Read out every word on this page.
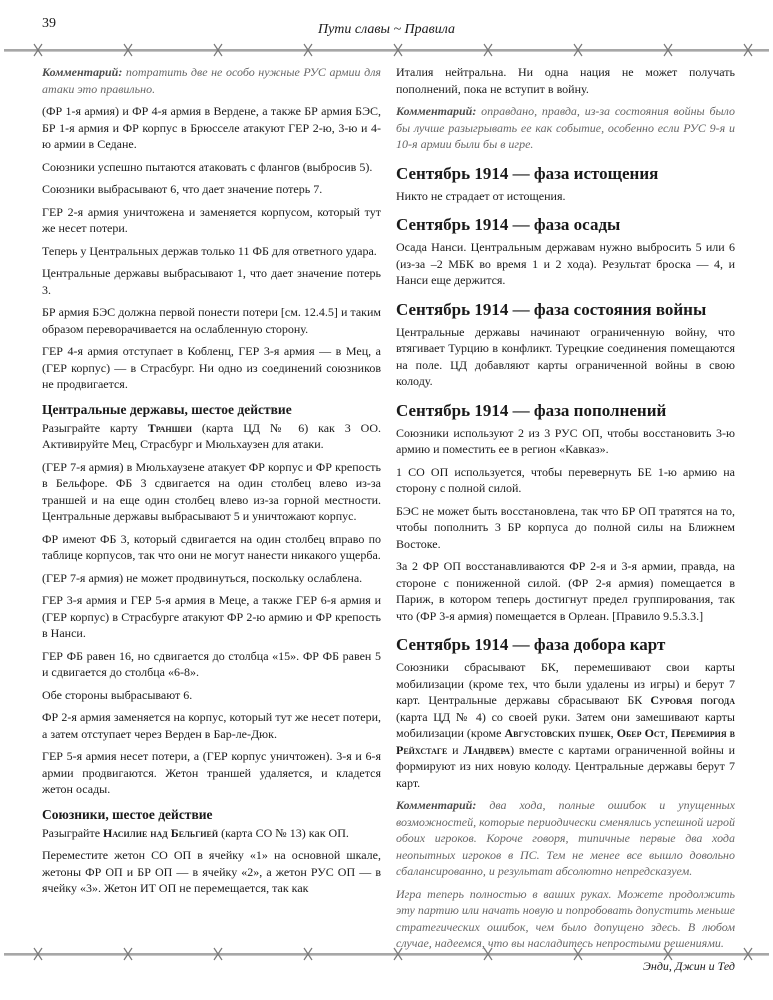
39	Пути славы ~ Правила

Комментарий: потратить две не особо нужные РУС армии для атаки это правильно.

(ФР 1-я армия) и ФР 4-я армия в Вердене, а также БР армия БЭС, БР 1-я армия и ФР корпус в Брюсселе атакуют ГЕР 2-ю, 3-ю и 4-ю армии в Седане.

Союзники успешно пытаются атаковать с флангов (выбросив 5).

Союзники выбрасывают 6, что дает значение потерь 7.

ГЕР 2-я армия уничтожена и заменяется корпусом, который тут же несет потери.

Теперь у Центральных держав только 11 ФБ для ответного удара.

Центральные державы выбрасывают 1, что дает значение потерь 3.

БР армия БЭС должна первой понести потери [см. 12.4.5] и таким образом переворачивается на ослабленную сторону.

ГЕР 4-я армия отступает в Кобленц, ГЕР 3-я армия — в Мец, а (ГЕР корпус) — в Страсбург. Ни одно из соединений союзников не продвигается.

Центральные державы, шестое действие

Разыграйте карту Траншеи (карта ЦД № 6) как 3 ОО. Активируйте Мец, Страсбург и Мюльхаузен для атаки.

(ГЕР 7-я армия) в Мюльхаузене атакует ФР корпус и ФР крепость в Бельфоре. ФБ 3 сдвигается на один столбец влево из-за траншей и на еще один столбец влево из-за горной местности. Центральные державы выбрасывают 5 и уничтожают корпус.

ФР имеют ФБ 3, который сдвигается на один столбец вправо по таблице корпусов, так что они не могут нанести никакого ущерба.

(ГЕР 7-я армия) не может продвинуться, поскольку ослаблена.

ГЕР 3-я армия и ГЕР 5-я армия в Меце, а также ГЕР 6-я армия и (ГЕР корпус) в Страсбурге атакуют ФР 2-ю армию и ФР крепость в Нанси.

ГЕР ФБ равен 16, но сдвигается до столбца «15». ФР ФБ равен 5 и сдвигается до столбца «6-8».

Обе стороны выбрасывают 6.

ФР 2-я армия заменяется на корпус, который тут же несет потери, а затем отступает через Верден в Бар-ле-Дюк.

ГЕР 5-я армия несет потери, а (ГЕР корпус уничтожен). 3-я и 6-я армии продвигаются. Жетон траншей удаляется, и кладется жетон осады.

Союзники, шестое действие

Разыграйте Насилие над Бельгией (карта СО № 13) как ОП.

Переместите жетон СО ОП в ячейку «1» на основной шкале, жетоны ФР ОП и БР ОП — в ячейку «2», а жетон РУС ОП — в ячейку «3». Жетон ИТ ОП не перемещается, так как

Италия нейтральна. Ни одна нация не может получать пополнений, пока не вступит в войну.

Комментарий: оправдано, правда, из-за состояния войны было бы лучше разыгрывать ее как событие, особенно если РУС 9-я и 10-я армии были бы в игре.

Сентябрь 1914 — фаза истощения

Никто не страдает от истощения.

Сентябрь 1914 — фаза осады

Осада Нанси. Центральным державам нужно выбросить 5 или 6 (из-за –2 МБК во время 1 и 2 хода). Результат броска — 4, и Нанси еще держится.

Сентябрь 1914 — фаза состояния войны

Центральные державы начинают ограниченную войну, что втягивает Турцию в конфликт. Турецкие соединения помещаются на поле. ЦД добавляют карты ограниченной войны в свою колоду.

Сентябрь 1914 — фаза пополнений

Союзники используют 2 из 3 РУС ОП, чтобы восстановить 3-ю армию и поместить ее в регион «Кавказ».

1 СО ОП используется, чтобы перевернуть БЕ 1-ю армию на сторону с полной силой.

БЭС не может быть восстановлена, так что БР ОП тратятся на то, чтобы пополнить 3 БР корпуса до полной силы на Ближнем Востоке.

За 2 ФР ОП восстанавливаются ФР 2-я и 3-я армии, правда, на стороне с пониженной силой. (ФР 2-я армия) помещается в Париж, в котором теперь достигнут предел группирования, так что (ФР 3-я армия) помещается в Орлеан. [Правило 9.5.3.3.]

Сентябрь 1914 — фаза добора карт

Союзники сбрасывают БК, перемешивают свои карты мобилизации (кроме тех, что были удалены из игры) и берут 7 карт. Центральные державы сбрасывают БК Суровая погода (карта ЦД № 4) со своей руки. Затем они замешивают карты мобилизации (кроме Августовских пушек, Обер Ост, Перемирия в Рейхстаге и Ландвера) вместе с картами ограниченной войны и формируют из них новую колоду. Центральные державы берут 7 карт.

Комментарий: два хода, полные ошибок и упущенных возможностей, которые периодически сменялись успешной игрой обоих игроков. Короче говоря, типичные первые два хода неопытных игроков в ПС. Тем не менее все вышло довольно сбалансированно, и результат абсолютно непредсказуем.

Игра теперь полностью в ваших руках. Можете продолжить эту партию или начать новую и попробовать допустить меньше стратегических ошибок, чем было допущено здесь. В любом случае, надеемся, что вы насладитесь непростыми решениями.

Энди, Джин и Тед
